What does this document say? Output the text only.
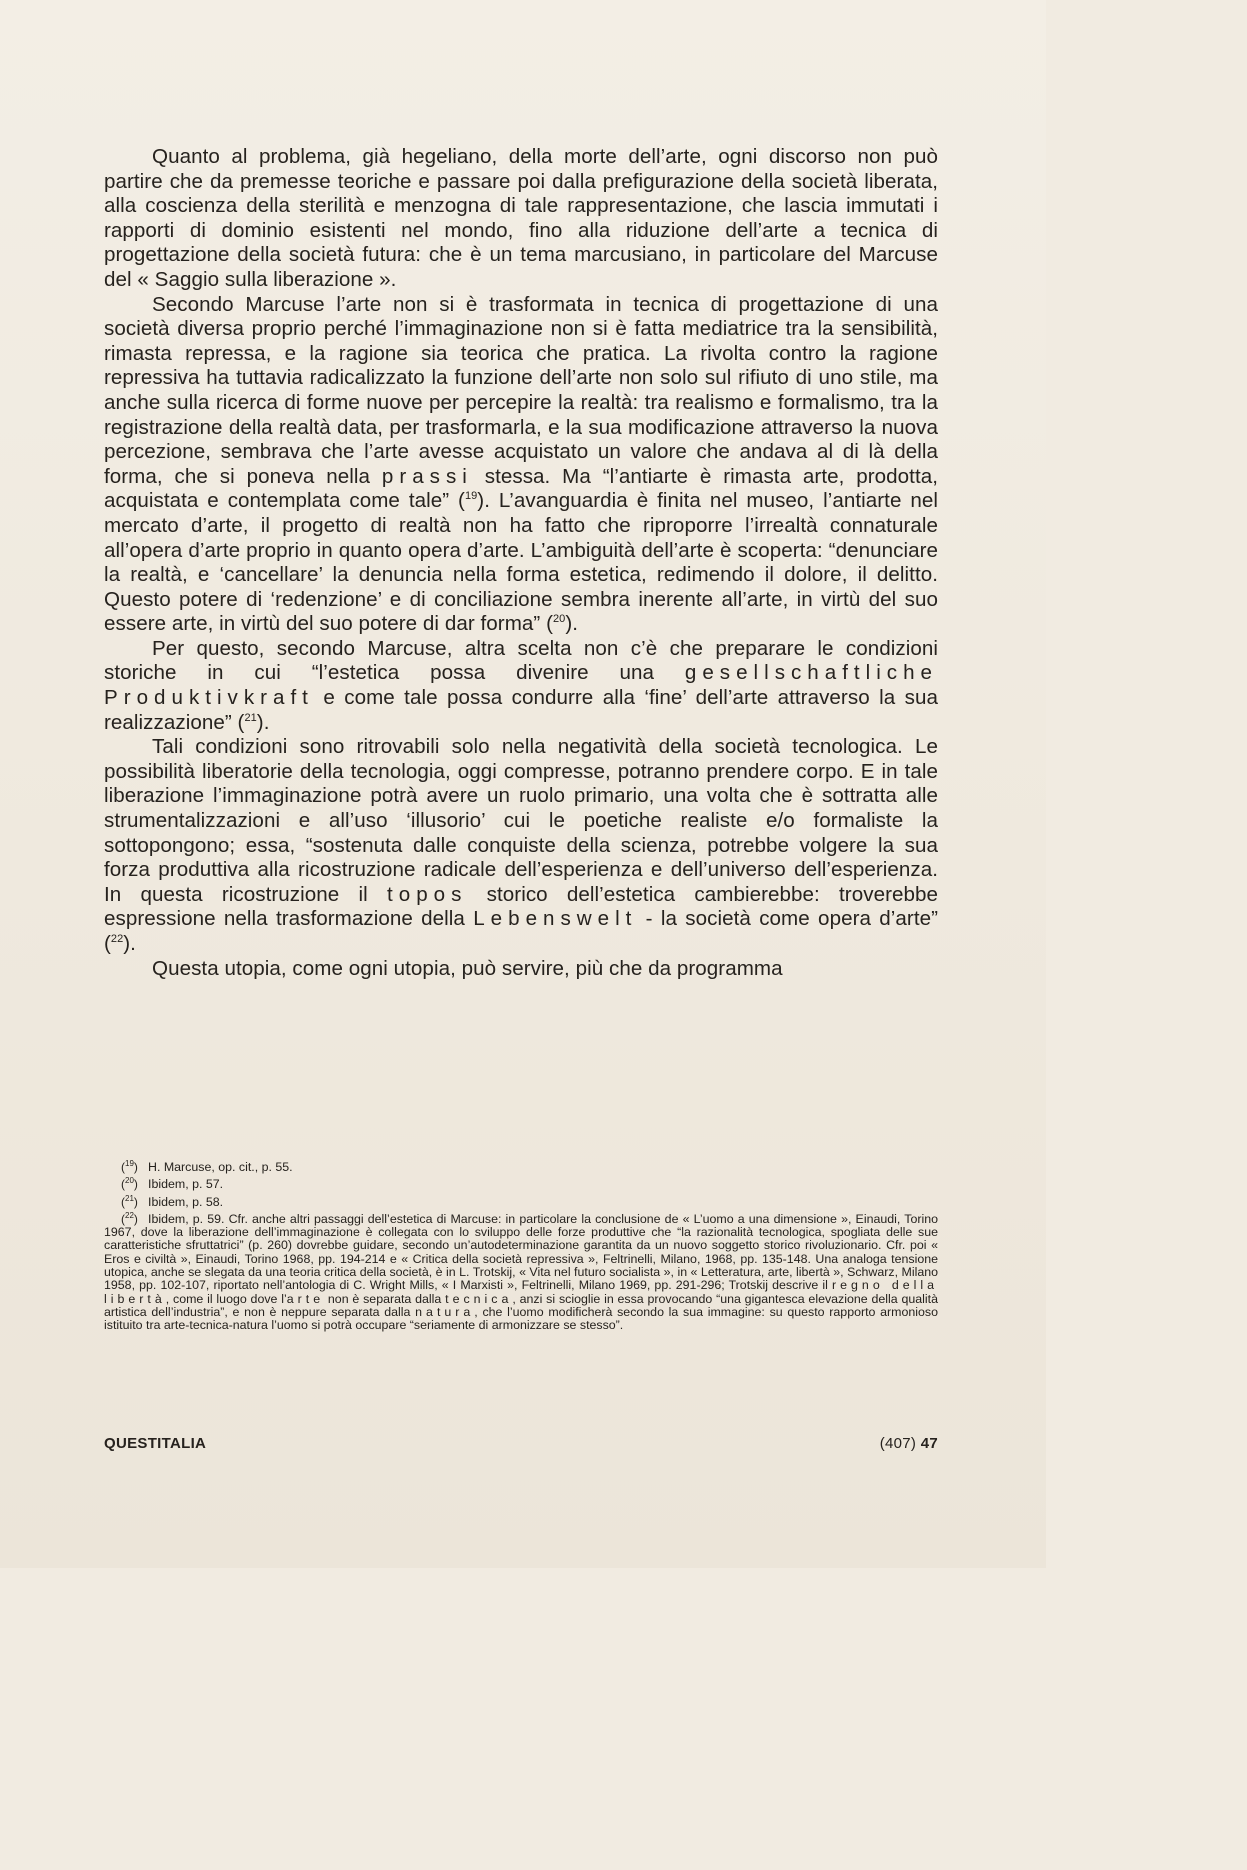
Quanto al problema, già hegeliano, della morte dell’arte, ogni discorso non può partire che da premesse teoriche e passare poi dalla prefigurazione della società liberata, alla coscienza della sterilità e menzogna di tale rappresentazione, che lascia immutati i rapporti di dominio esistenti nel mondo, fino alla riduzione dell’arte a tecnica di progettazione della società futura: che è un tema marcusiano, in particolare del Marcuse del « Saggio sulla liberazione ».

Secondo Marcuse l’arte non si è trasformata in tecnica di progettazione di una società diversa proprio perché l’immaginazione non si è fatta mediatrice tra la sensibilità, rimasta repressa, e la ragione sia teorica che pratica. La rivolta contro la ragione repressiva ha tuttavia radicalizzato la funzione dell’arte non solo sul rifiuto di uno stile, ma anche sulla ricerca di forme nuove per percepire la realtà: tra realismo e formalismo, tra la registrazione della realtà data, per trasformarla, e la sua modificazione attraverso la nuova percezione, sembrava che l’arte avesse acquistato un valore che andava al di là della forma, che si poneva nella prassi stessa. Ma “l’antiarte è rimasta arte, prodotta, acquistata e contemplata come tale” ($^{19}$). L’avanguardia è finita nel museo, l’antiarte nel mercato d’arte, il progetto di realtà non ha fatto che riproporre l’irrealtà connaturale all’opera d’arte proprio in quanto opera d’arte. L’ambiguità dell’arte è scoperta: “denunciare la realtà, e ‘cancellare’ la denuncia nella forma estetica, redimendo il dolore, il delitto. Questo potere di ‘redenzione’ e di conciliazione sembra inerente all’arte, in virtù del suo essere arte, in virtù del suo potere di dar forma” ($^{20}$).

Per questo, secondo Marcuse, altra scelta non c’è che preparare le condizioni storiche in cui “l’estetica possa divenire una gesellschaftliche Produktivkraft e come tale possa condurre alla ‘fine’ dell’arte attraverso la sua realizzazione” ($^{21}$).

Tali condizioni sono ritrovabili solo nella negatività della società tecnologica. Le possibilità liberatorie della tecnologia, oggi compresse, potranno prendere corpo. E in tale liberazione l’immaginazione potrà avere un ruolo primario, una volta che è sottratta alle strumentalizzazioni e all’uso ‘illusorio’ cui le poetiche realiste e/o formaliste la sottopongono; essa, “sostenuta dalle conquiste della scienza, potrebbe volgere la sua forza produttiva alla ricostruzione radicale dell’esperienza e dell’universo dell’esperienza. In questa ricostruzione il topos storico dell’estetica cambierebbe: troverebbe espressione nella trasformazione della Lebenswelt - la società come opera d’arte” ($^{22}$).

Questa utopia, come ogni utopia, può servire, più che da programma

($^{19}$) H. Marcuse, op. cit., p. 55.

($^{20}$) Ibidem, p. 57.

($^{21}$) Ibidem, p. 58.

($^{22}$) Ibidem, p. 59. Cfr. anche altri passaggi dell’estetica di Marcuse: in particolare la conclusione de « L’uomo a una dimensione », Einaudi, Torino 1967, dove la liberazione dell’immaginazione è collegata con lo sviluppo delle forze produttive che “la razionalità tecnologica, spogliata delle sue caratteristiche sfruttatrici” (p. 260) dovrebbe guidare, secondo un’autodeterminazione garantita da un nuovo soggetto storico rivoluzionario. Cfr. poi « Eros e civiltà », Einaudi, Torino 1968, pp. 194-214 e « Critica della società repressiva », Feltrinelli, Milano, 1968, pp. 135-148. Una analoga tensione utopica, anche se slegata da una teoria critica della società, è in L. Trotskij, « Vita nel futuro socialista », in « Letteratura, arte, libertà », Schwarz, Milano 1958, pp. 102-107, riportato nell’antologia di C. Wright Mills, « I Marxisti », Feltrinelli, Milano 1969, pp. 291-296; Trotskij descrive il regno della libertà, come il luogo dove l’arte non è separata dalla tecnica, anzi si scioglie in essa provocando “una gigantesca elevazione della qualità artistica dell’industria”, e non è neppure separata dalla natura, che l’uomo modificherà secondo la sua immagine: su questo rapporto armonioso istituito tra arte-tecnica-natura l’uomo si potrà occupare “seriamente di armonizzare se stesso”.

QUESTITALIA	(407) 47
